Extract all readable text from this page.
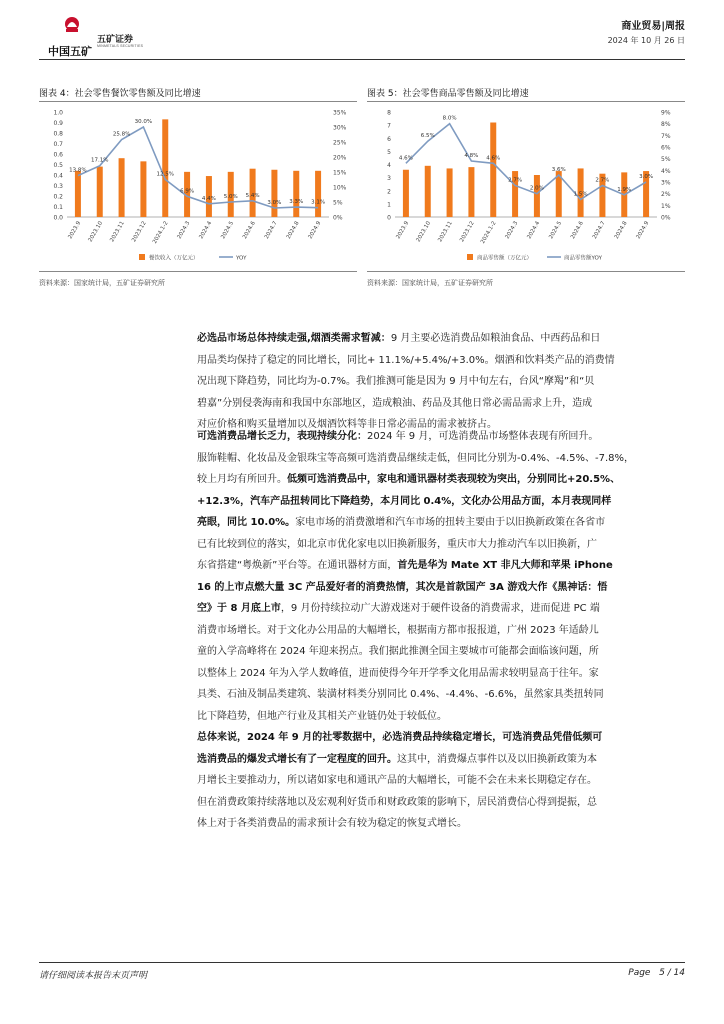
中国五矿
五矿证券
MINMETALS SECURITIES
商业贸易|周报
2024 年 10 月 26 日
图表 4：社会零售餐饮零售额及同比增速
0.0
0.1
0.2
0.3
0.4
0.5
0.6
0.7
0.8
0.9
1.0
0%
5%
10%
15%
20%
25%
30%
35%
13.8%
17.1%
25.8%
30.0%
12.5%
6.9%
4.4% 5.0% 5.4%
3.0% 3.3% 3.1%
2023.9 2023.10 2023.11 2023.12 2024.1-2 2024.3 2024.4 2024.5 2024.6 2024.7 2024.8 2024.9
餐饮收入（万亿元）	YOY
资料来源：国家统计局，五矿证券研究所
图表 5：社会零售商品零售额及同比增速
0
1
2
3
4
5
6
7
8
0%
1%
2%
3%
4%
5%
6%
7%
8%
9%
4.6%
6.5%
8.0%
4.8% 4.6%
2.7%
2.0%
3.6%
1.5%
2.7%
1.9%
3.0%
2023.9 2023.10 2023.11 2023.12 2024.1-2 2024.3 2024.4 2024.5 2024.6 2024.7 2024.8 2024.9
商品零售额（万亿元）	商品零售额YOY
资料来源：国家统计局，五矿证券研究所
必选品市场总体持续走强,烟酒类需求暂减：9 月主要必选消费品如粮油食品、中西药品和日
用品类均保持了稳定的同比增长，同比+ 11.1%/+5.4%/+3.0%。烟酒和饮料类产品的消费情
况出现下降趋势，同比均为-0.7%。我们推测可能是因为 9 月中旬左右，台风“摩羯”和“贝
碧嘉”分别侵袭海南和我国中东部地区，造成粮油、药品及其他日常必需品需求上升，造成
对应价格和购买量增加以及烟酒饮料等非日常必需品的需求被挤占。
可选消费品增长乏力，表现持续分化：2024 年 9 月，可选消费品市场整体表现有所回升。
服饰鞋帽、化妆品及金银珠宝等高频可选消费品继续走低，但同比分别为-0.4%、-4.5%、-7.8%，
较上月均有所回升。低频可选消费品中，家电和通讯器材类表现较为突出，分别同比+20.5%、
+12.3%，汽车产品扭转同比下降趋势，本月同比 0.4%，文化办公用品方面，本月表现同样
亮眼，同比 10.0%。家电市场的消费激增和汽车市场的扭转主要由于以旧换新政策在各省市
已有比较到位的落实，如北京市优化家电以旧换新服务，重庆市大力推动汽车以旧换新，广
东省搭建“粤焕新”平台等。在通讯器材方面，首先是华为 Mate XT 非凡大师和苹果 iPhone
16 的上市点燃大量 3C 产品爱好者的消费热情，其次是首款国产 3A 游戏大作《黑神话：悟
空》于 8 月底上市，9 月份持续拉动广大游戏迷对于硬件设备的消费需求，进而促进 PC 端
消费市场增长。对于文化办公用品的大幅增长，根据南方都市报报道，广州 2023 年适龄儿
童的入学高峰将在 2024 年迎来拐点。我们据此推测全国主要城市可能都会面临该问题，所
以整体上 2024 年为入学人数峰值，进而使得今年开学季文化用品需求较明显高于往年。家
具类、石油及制品类建筑、装潢材料类分别同比 0.4%、-4.4%、-6.6%，虽然家具类扭转同
比下降趋势，但地产行业及其相关产业链仍处于较低位。
总体来说，2024 年 9 月的社零数据中，必选消费品持续稳定增长，可选消费品凭借低频可
选消费品的爆发式增长有了一定程度的回升。这其中，消费爆点事件以及以旧换新政策为本
月增长主要推动力，所以诸如家电和通讯产品的大幅增长，可能不会在未来长期稳定存在。
但在消费政策持续落地以及宏观利好货币和财政政策的影响下，居民消费信心得到提振，总
体上对于各类消费品的需求预计会有较为稳定的恢复式增长。
请仔细阅读本报告末页声明	Page 5 / 14
